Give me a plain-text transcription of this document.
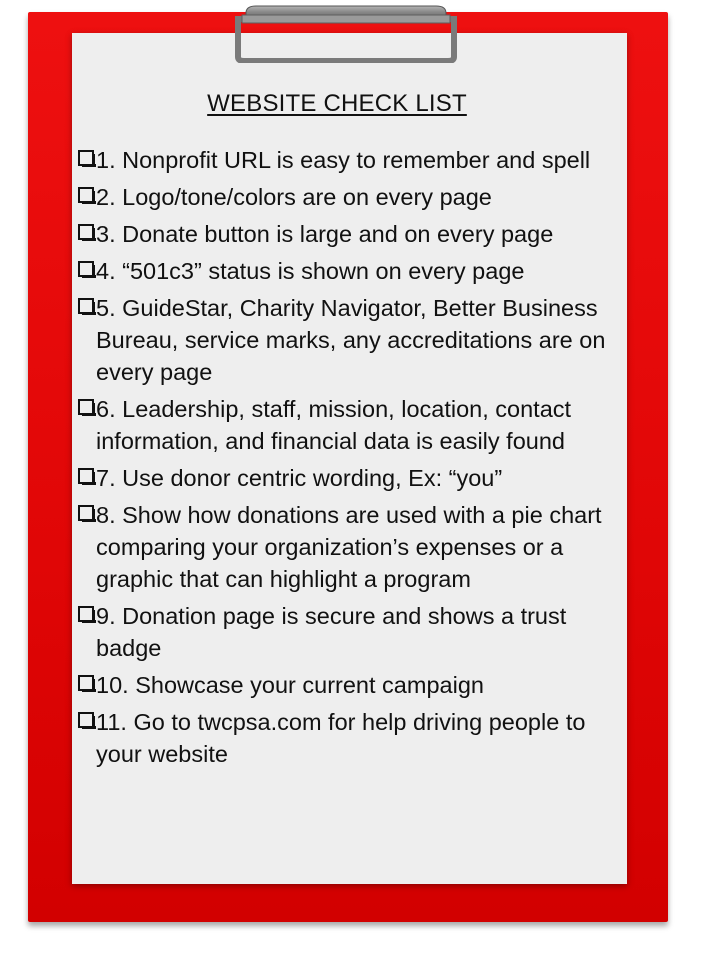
WEBSITE CHECK LIST
1. Nonprofit URL is easy to remember and spell
2. Logo/tone/colors are on every page
3. Donate button is large and on every page
4. “501c3” status is shown on every page
5. GuideStar, Charity Navigator, Better Business Bureau, service marks, any accreditations are on every page
6. Leadership, staff, mission, location, contact information, and financial data is easily found
7. Use donor centric wording, Ex: “you”
8. Show how donations are used with a pie chart comparing your organization’s expenses or a graphic that can highlight a program
9. Donation page is secure and shows a trust badge
10. Showcase your current campaign
11. Go to twcpsa.com for help driving people to your website
